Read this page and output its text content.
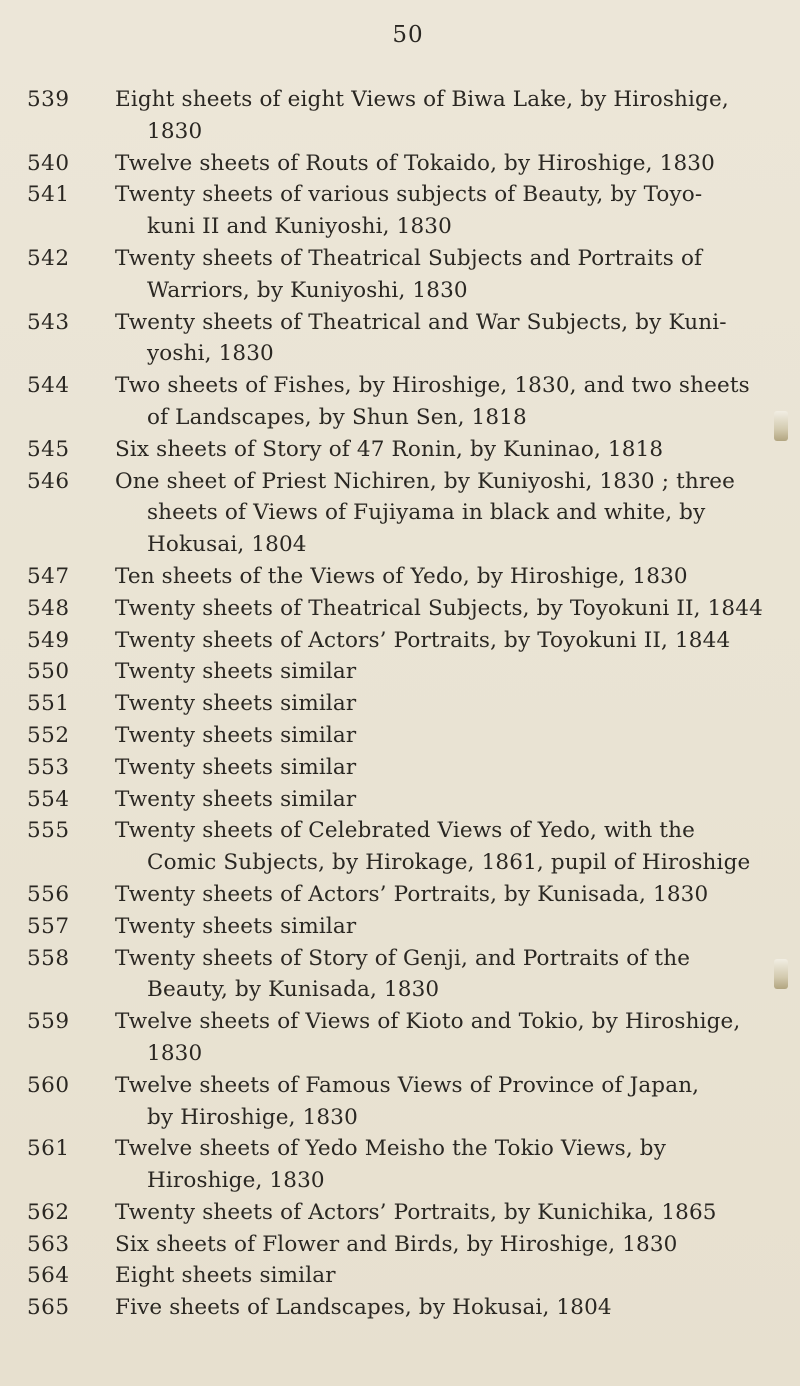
50
539	Eight sheets of eight Views of Biwa Lake, by Hiroshige,
1830
540	Twelve sheets of Routs of Tokaido, by Hiroshige, 1830
541	Twenty sheets of various subjects of Beauty, by Toyo-
kuni II and Kuniyoshi, 1830
542	Twenty sheets of Theatrical Subjects and Portraits of
Warriors, by Kuniyoshi, 1830
543	Twenty sheets of Theatrical and War Subjects, by Kuni-
yoshi, 1830
544	Two sheets of Fishes, by Hiroshige, 1830, and two sheets
of Landscapes, by Shun Sen, 1818
545	Six sheets of Story of 47 Ronin, by Kuninao, 1818
546	One sheet of Priest Nichiren, by Kuniyoshi, 1830 ; three
sheets of Views of Fujiyama in black and white, by
Hokusai, 1804
547	Ten sheets of the Views of Yedo, by Hiroshige, 1830
548	Twenty sheets of Theatrical Subjects, by Toyokuni II, 1844
549	Twenty sheets of Actors’ Portraits, by Toyokuni II, 1844
550	Twenty sheets similar
551	Twenty sheets similar
552	Twenty sheets similar
553	Twenty sheets similar
554	Twenty sheets similar
555	Twenty sheets of Celebrated Views of Yedo, with the
Comic Subjects, by Hirokage, 1861, pupil of Hiroshige
556	Twenty sheets of Actors’ Portraits, by Kunisada, 1830
557	Twenty sheets similar
558	Twenty sheets of Story of Genji, and Portraits of the
Beauty, by Kunisada, 1830
559	Twelve sheets of Views of Kioto and Tokio, by Hiroshige,
1830
560	Twelve sheets of Famous Views of Province of Japan,
by Hiroshige, 1830
561	Twelve sheets of Yedo Meisho the Tokio Views, by
Hiroshige, 1830
562	Twenty sheets of Actors’ Portraits, by Kunichika, 1865
563	Six sheets of Flower and Birds, by Hiroshige, 1830
564	Eight sheets similar
565	Five sheets of Landscapes, by Hokusai, 1804
